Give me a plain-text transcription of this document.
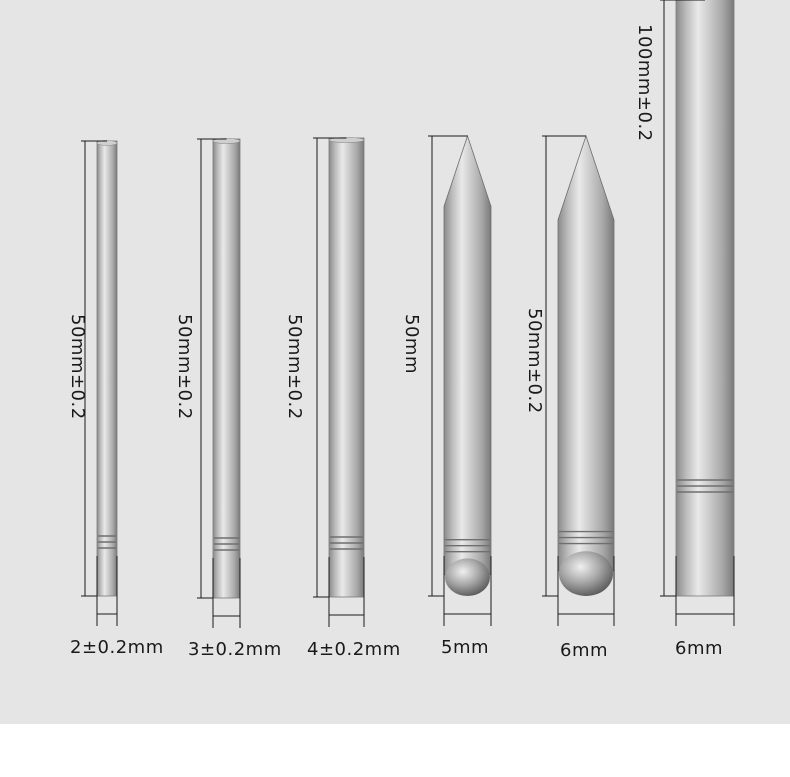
50mm±0.2	50mm±0.2	50mm±0.2	50mm	50mm±0.2
100mm±0.2
2±0.2mm 3±0.2mm 4±0.2mm 5mm	6mm	6mm
